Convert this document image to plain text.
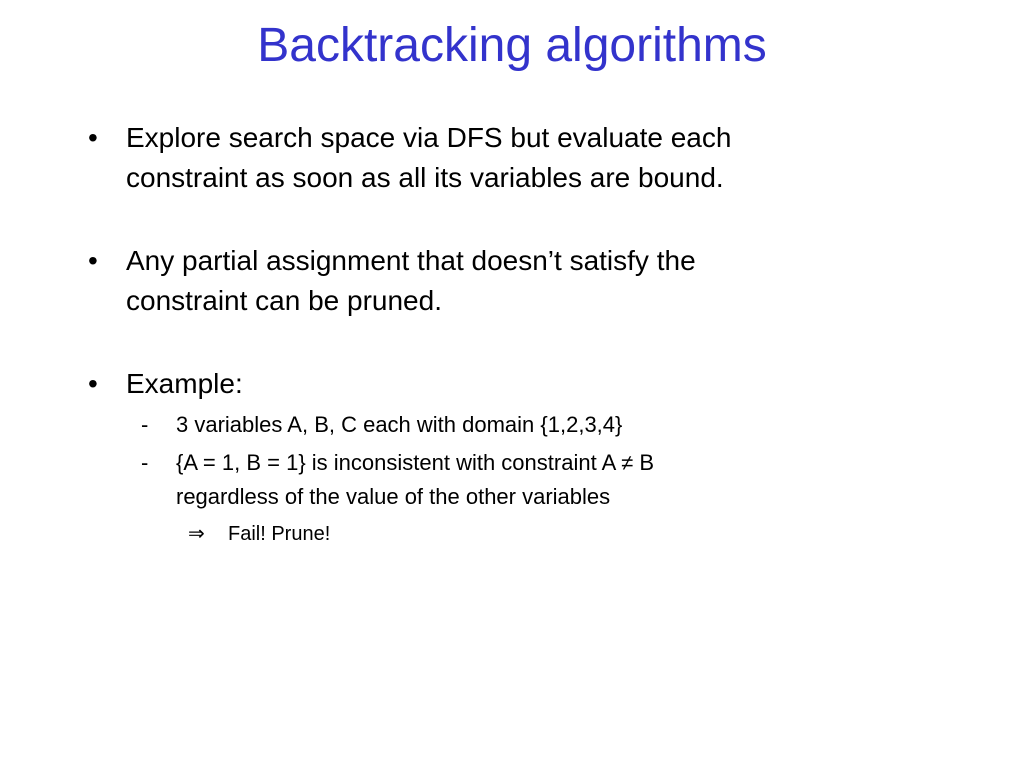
Backtracking algorithms
• Explore search space via DFS but evaluate each
constraint as soon as all its variables are bound.
• Any partial assignment that doesn’t satisfy the
constraint can be pruned.
• Example:
- 3 variables A, B, C each with domain {1,2,3,4}
- {A = 1, B = 1} is inconsistent with constraint A ≠ B
regardless of the value of the other variables
⇒ Fail! Prune!
